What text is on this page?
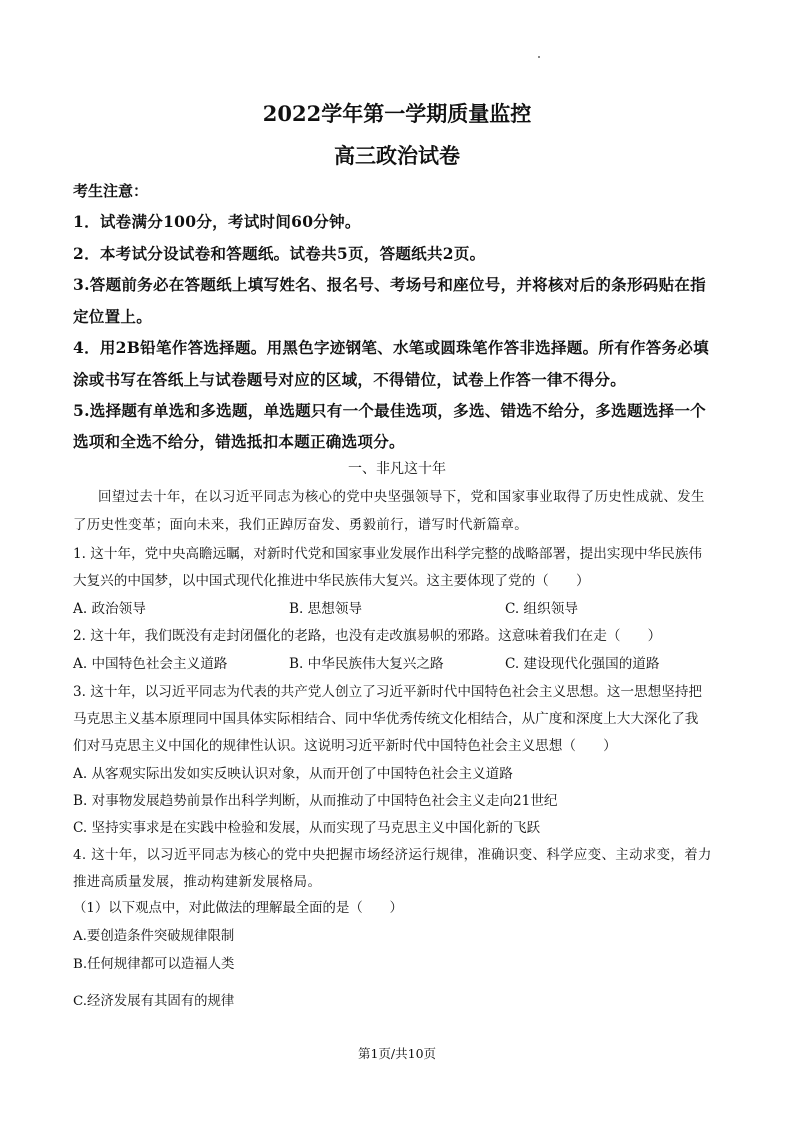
2022学年第一学期质量监控
高三政治试卷
考生注意：
1．试卷满分100分，考试时间60分钟。
2．本考试分设试卷和答题纸。试卷共5页，答题纸共2页。
3.答题前务必在答题纸上填写姓名、报名号、考场号和座位号，并将核对后的条形码贴在指
定位置上。
4．用2B铅笔作答选择题。用黑色字迹钢笔、水笔或圆珠笔作答非选择题。所有作答务必填
涂或书写在答纸上与试卷题号对应的区域，不得错位，试卷上作答一律不得分。
5.选择题有单选和多选题，单选题只有一个最佳选项，多选、错选不给分，多选题选择一个
选项和全选不给分，错选抵扣本题正确选项分。
一、非凡这十年
回望过去十年，在以习近平同志为核心的党中央坚强领导下，党和国家事业取得了历史性成就、发生
了历史性变革；面向未来，我们正踔厉奋发、勇毅前行，谱写时代新篇章。
1. 这十年，党中央高瞻远瞩，对新时代党和国家事业发展作出科学完整的战略部署，提出实现中华民族伟
大复兴的中国梦，以中国式现代化推进中华民族伟大复兴。这主要体现了党的（　　）
A. 政治领导	B. 思想领导	C. 组织领导
2. 这十年，我们既没有走封闭僵化的老路，也没有走改旗易帜的邪路。这意味着我们在走（　　）
A. 中国特色社会主义道路	B. 中华民族伟大复兴之路	C. 建设现代化强国的道路
3. 这十年，以习近平同志为代表的共产党人创立了习近平新时代中国特色社会主义思想。这一思想坚持把
马克思主义基本原理同中国具体实际相结合、同中华优秀传统文化相结合，从广度和深度上大大深化了我
们对马克思主义中国化的规律性认识。这说明习近平新时代中国特色社会主义思想（　　）
A. 从客观实际出发如实反映认识对象，从而开创了中国特色社会主义道路
B. 对事物发展趋势前景作出科学判断，从而推动了中国特色社会主义走向21世纪
C. 坚持实事求是在实践中检验和发展，从而实现了马克思主义中国化新的飞跃
4. 这十年，以习近平同志为核心的党中央把握市场经济运行规律，准确识变、科学应变、主动求变，着力
推进高质量发展，推动构建新发展格局。
（1）以下观点中，对此做法的理解最全面的是（　　）
A.要创造条件突破规律限制
B.任何规律都可以造福人类
C.经济发展有其固有的规律
第1页/共10页
